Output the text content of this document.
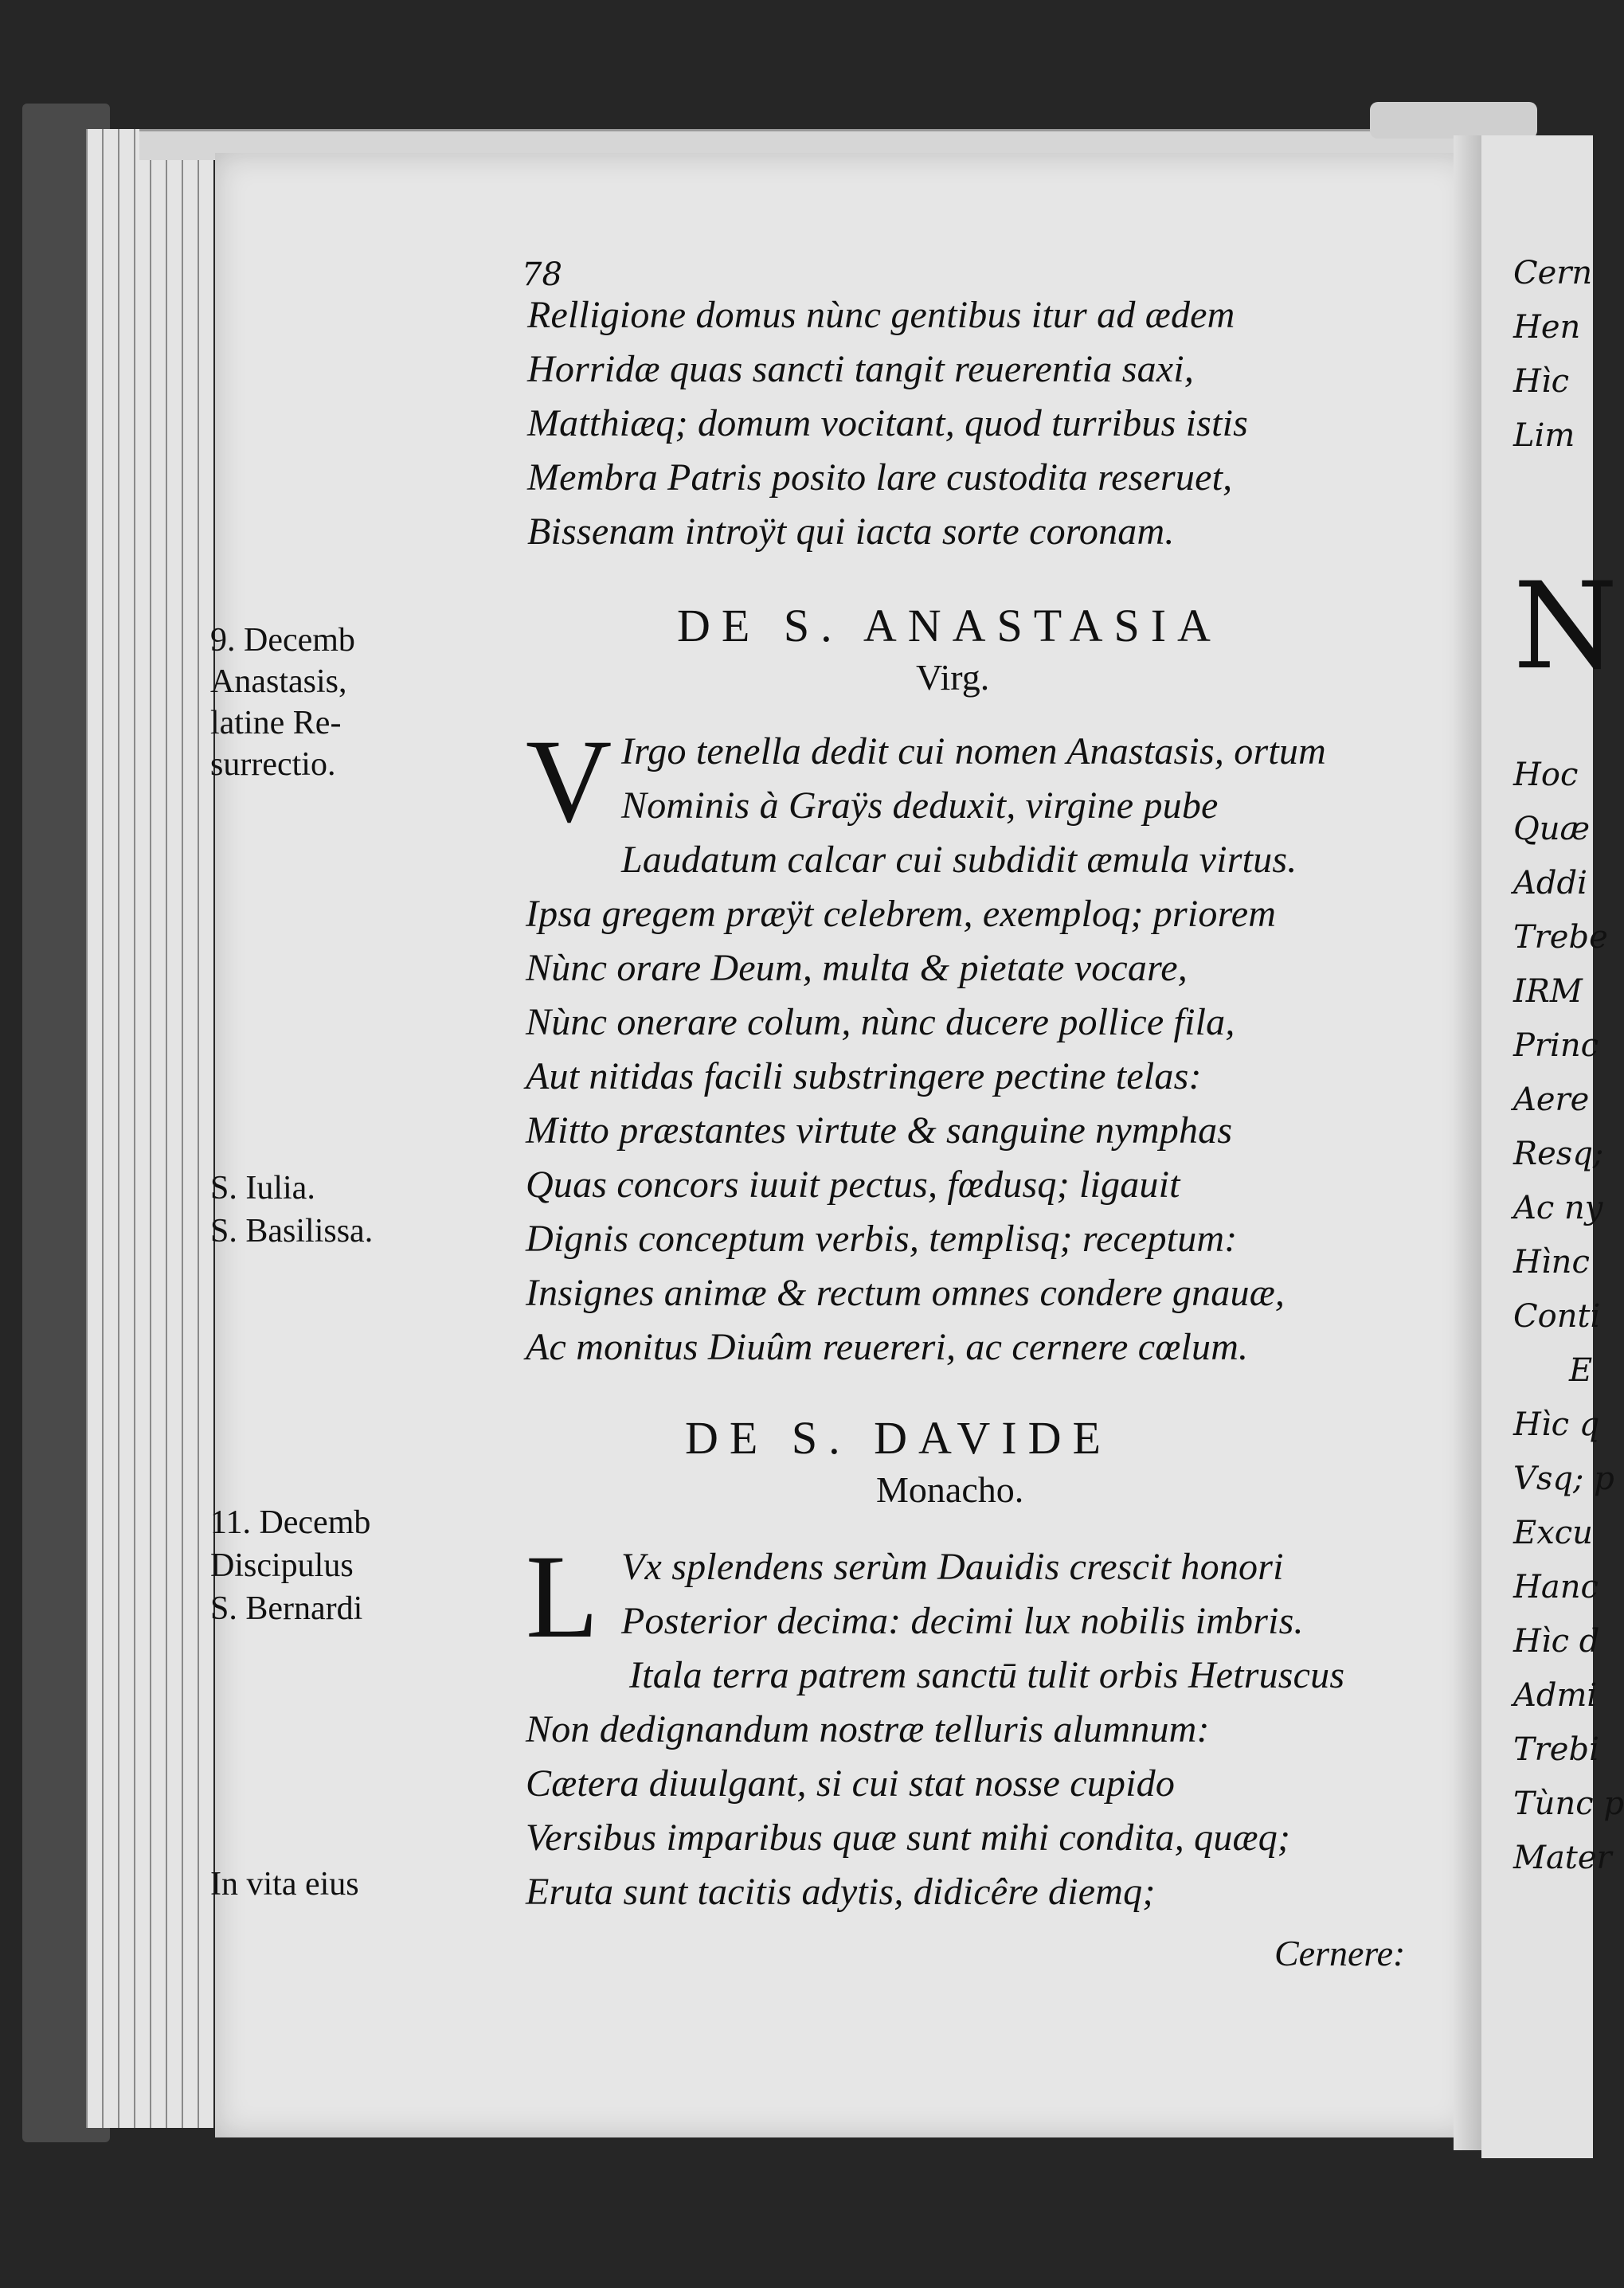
78
Relligione domus nùnc gentibus itur ad ædem
Horridæ quas sancti tangit reuerentia saxi,
Matthiæq; domum vocitant, quod turribus istis
Membra Patris posito lare custodita reseruet,
Bissenam introÿt qui iacta sorte coronam.
DE S. ANASTASIA
Virg.
9. Decemb
Anastasis,
latine Re-
surrectio. V Irgo tenella dedit cui nomen Anastasis, ortum
Nominis à Graÿs deduxit, virgine pube
Laudatum calcar cui subdidit æmula virtus.
Ipsa gregem præÿt celebrem, exemploq; priorem
Nùnc orare Deum, multa & pietate vocare,
Nùnc onerare colum, nùnc ducere pollice fila,
Aut nitidas facili substringere pectine telas:
Mitto præstantes virtute & sanguine nymphas
Quas concors iuuit pectus, fœdusq; ligauit
Dignis conceptum verbis, templisq; receptum:
Insignes animæ & rectum omnes condere gnauæ,
Ac monitus Diuûm reuereri, ac cernere cœlum.
S. Iulia.
S. Basilissa.
DE S. DAVIDE
Monacho.
11. Decemb
Discipulus
S. Bernardi L Vx splendens serùm Dauidis crescit honori
Posterior decima: decimi lux nobilis imbris.
Itala terra patrem sanctū tulit orbis Hetruscus
Non dedignandum nostræ telluris alumnum:
Cætera diuulgant, si cui stat nosse cupido
Versibus imparibus quæ sunt mihi condita, quæq;
Eruta sunt tacitis adytis, didicêre diemq;
In vita eius
Cernere:
Cern
Hen
Hìc
Lim
N
Hoc
Quæ
Addi
Trebe
IRM
Princ
Aere
Resq;
Ac ny
Hìnc
Conti
E
Hìc q
Vsq; p
Excu
Hanc
Hìc d
Admi
Trebi
Tùnc p
Mater
